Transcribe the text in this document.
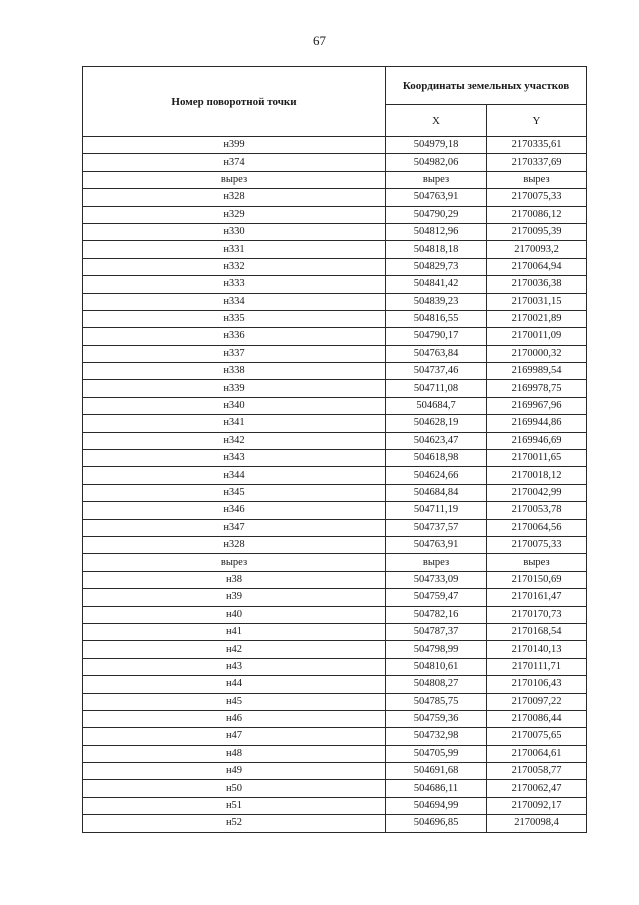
67
Номер поворотной точки	Координаты земельных участков	
	X	Y
н399	504979,18	2170335,61
н374	504982,06	2170337,69
вырез	вырез	вырез
н328	504763,91	2170075,33
н329	504790,29	2170086,12
н330	504812,96	2170095,39
н331	504818,18	2170093,2
н332	504829,73	2170064,94
н333	504841,42	2170036,38
н334	504839,23	2170031,15
н335	504816,55	2170021,89
н336	504790,17	2170011,09
н337	504763,84	2170000,32
н338	504737,46	2169989,54
н339	504711,08	2169978,75
н340	504684,7	2169967,96
н341	504628,19	2169944,86
н342	504623,47	2169946,69
н343	504618,98	2170011,65
н344	504624,66	2170018,12
н345	504684,84	2170042,99
н346	504711,19	2170053,78
н347	504737,57	2170064,56
н328	504763,91	2170075,33
вырез	вырез	вырез
н38	504733,09	2170150,69
н39	504759,47	2170161,47
н40	504782,16	2170170,73
н41	504787,37	2170168,54
н42	504798,99	2170140,13
н43	504810,61	2170111,71
н44	504808,27	2170106,43
н45	504785,75	2170097,22
н46	504759,36	2170086,44
н47	504732,98	2170075,65
н48	504705,99	2170064,61
н49	504691,68	2170058,77
н50	504686,11	2170062,47
н51	504694,99	2170092,17
н52	504696,85	2170098,4
